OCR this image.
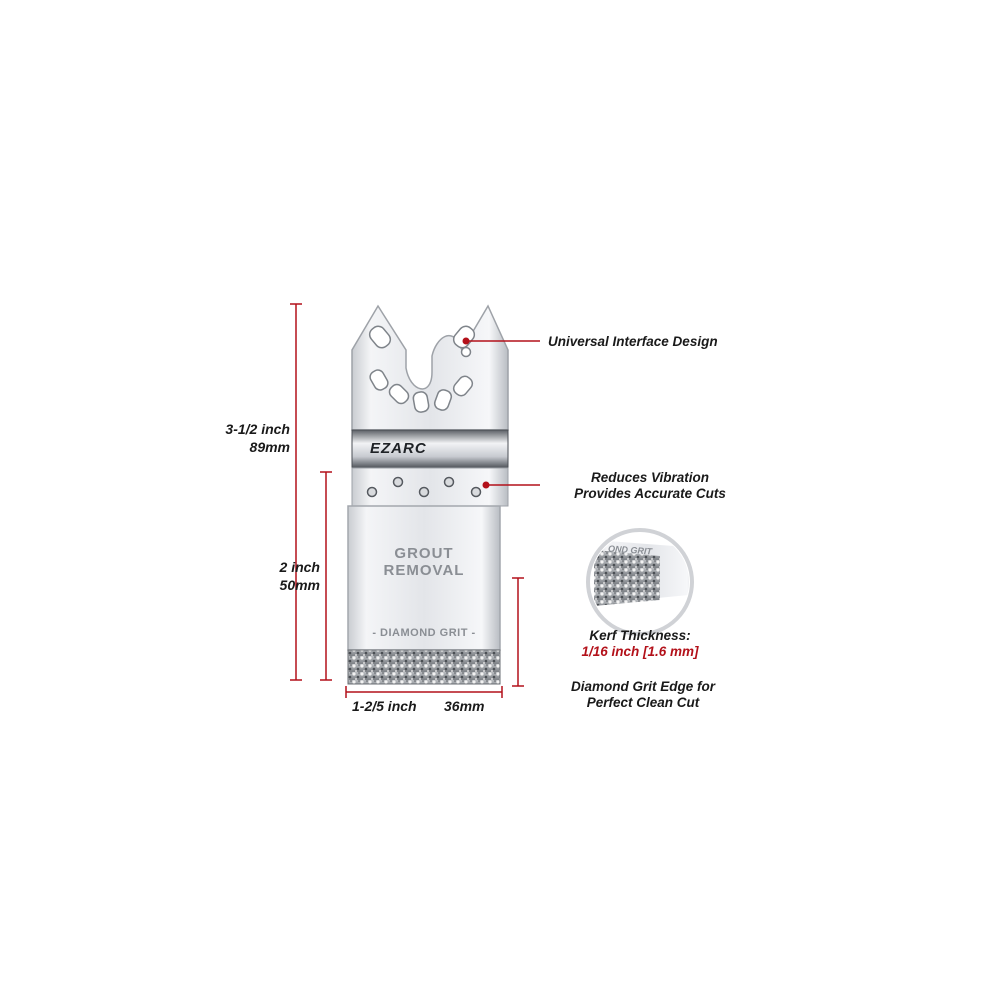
EZARC
GROUT
REMOVAL
- DIAMOND GRIT -
OND GRIT
3-1/2 inch
89mm
2 inch
50mm
1-2/5 inch	36mm
Universal Interface Design
Reduces Vibration
Provides Accurate Cuts
Kerf Thickness:
1/16 inch [1.6 mm]
Diamond Grit Edge for
Perfect Clean Cut
